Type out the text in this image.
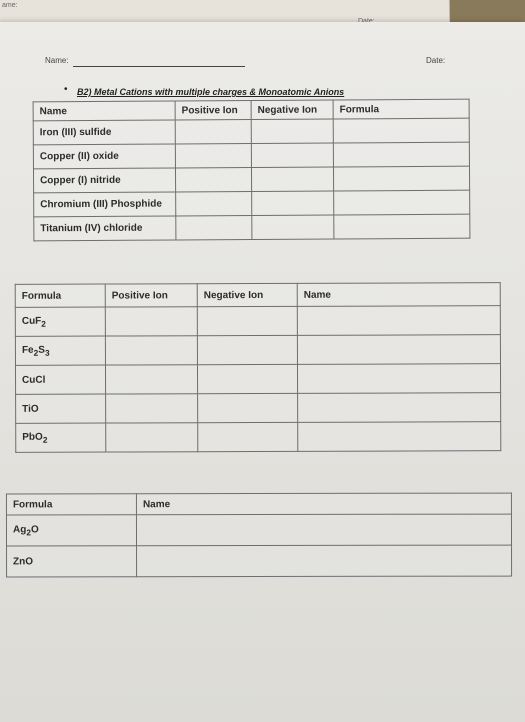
ame:
Name:	Date:
• B2) Metal Cations with multiple charges & Monoatomic Anions
Name	Positive Ion	Negative Ion	Formula
Iron (III) sulfide			
Copper (II) oxide			
Copper (I) nitride			
Chromium (III) Phosphide			
Titanium (IV) chloride			
Formula	Positive Ion	Negative Ion	Name
CuF$_2$			
$Fe_2S_3$			
CuCl			
TiO			
PbO$_2$			
Formula	Name
$Ag_2O$	
ZnO	
